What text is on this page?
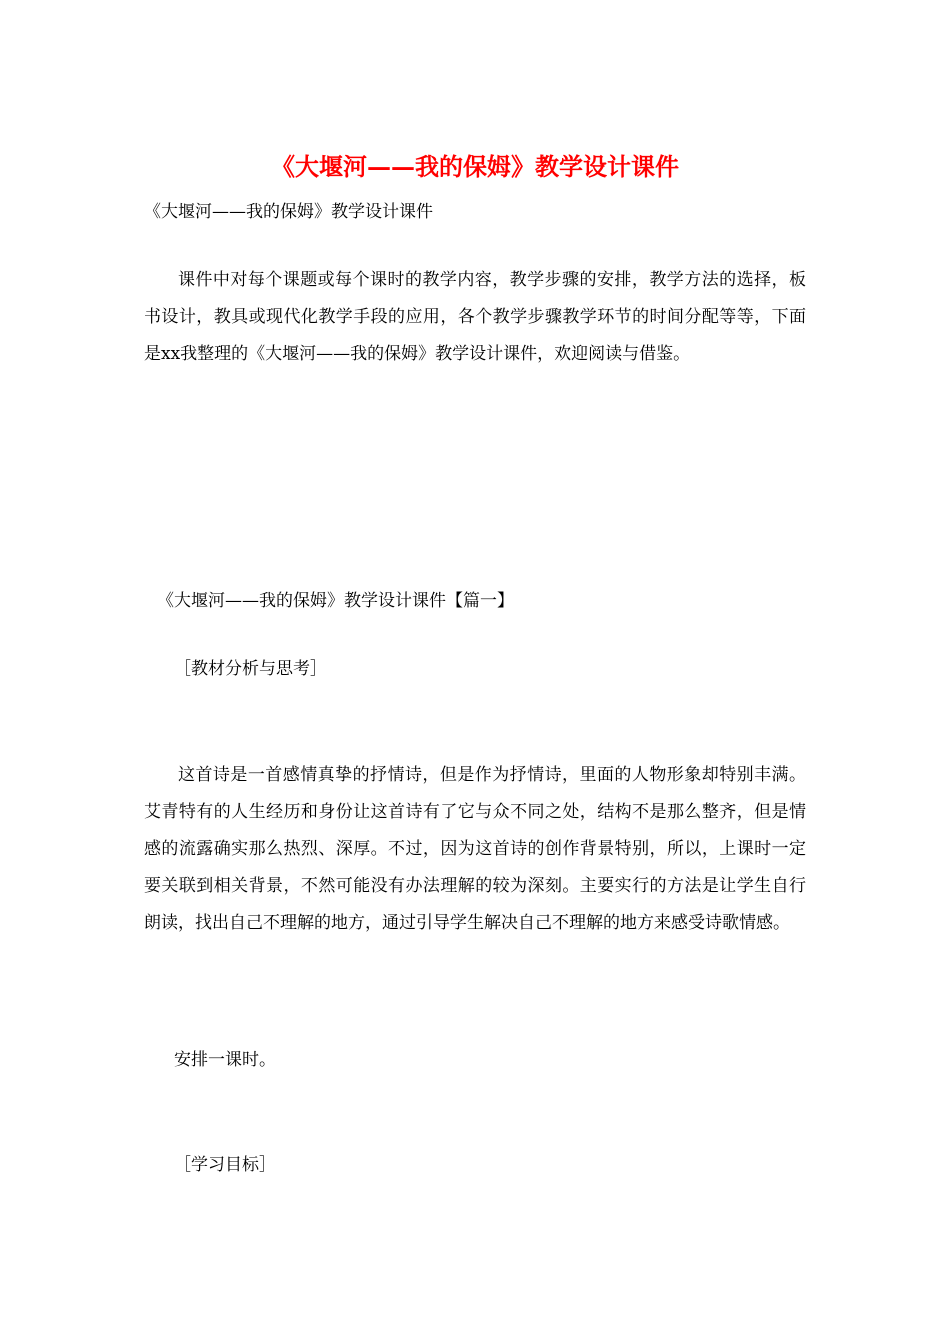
《大堰河——我的保姆》教学设计课件

《大堰河——我的保姆》教学设计课件

课件中对每个课题或每个课时的教学内容，教学步骤的安排，教学方法的选择，板书设计，教具或现代化教学手段的应用，各个教学步骤教学环节的时间分配等等，下面是xx我整理的《大堰河——我的保姆》教学设计课件，欢迎阅读与借鉴。

《大堰河——我的保姆》教学设计课件【篇一】

［教材分析与思考］

这首诗是一首感情真挚的抒情诗，但是作为抒情诗，里面的人物形象却特别丰满。艾青特有的人生经历和身份让这首诗有了它与众不同之处，结构不是那么整齐，但是情感的流露确实那么热烈、深厚。不过，因为这首诗的创作背景特别，所以，上课时一定要关联到相关背景，不然可能没有办法理解的较为深刻。主要实行的方法是让学生自行朗读，找出自己不理解的地方，通过引导学生解决自己不理解的地方来感受诗歌情感。

安排一课时。

［学习目标］
